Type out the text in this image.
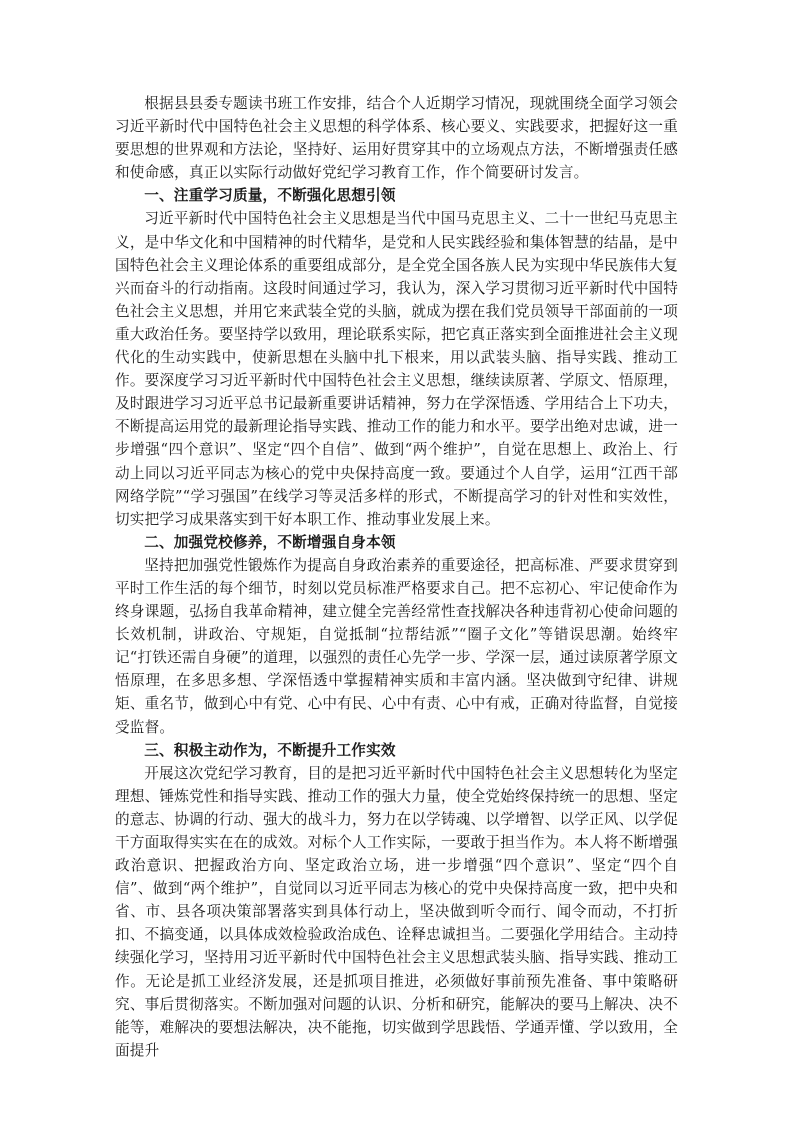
根据县县委专题读书班工作安排，结合个人近期学习情况，现就围绕全面学习领会习近平新时代中国特色社会主义思想的科学体系、核心要义、实践要求，把握好这一重要思想的世界观和方法论，坚持好、运用好贯穿其中的立场观点方法，不断增强责任感和使命感，真正以实际行动做好党纪学习教育工作，作个简要研讨发言。

一、注重学习质量，不断强化思想引领

习近平新时代中国特色社会主义思想是当代中国马克思主义、二十一世纪马克思主义，是中华文化和中国精神的时代精华，是党和人民实践经验和集体智慧的结晶，是中国特色社会主义理论体系的重要组成部分，是全党全国各族人民为实现中华民族伟大复兴而奋斗的行动指南。这段时间通过学习，我认为，深入学习贯彻习近平新时代中国特色社会主义思想，并用它来武装全党的头脑，就成为摆在我们党员领导干部面前的一项重大政治任务。要坚持学以致用，理论联系实际，把它真正落实到全面推进社会主义现代化的生动实践中，使新思想在头脑中扎下根来，用以武装头脑、指导实践、推动工作。要深度学习习近平新时代中国特色社会主义思想，继续读原著、学原文、悟原理，及时跟进学习习近平总书记最新重要讲话精神，努力在学深悟透、学用结合上下功夫，不断提高运用党的最新理论指导实践、推动工作的能力和水平。要学出绝对忠诚，进一步增强“四个意识”、坚定“四个自信”、做到“两个维护”，自觉在思想上、政治上、行动上同以习近平同志为核心的党中央保持高度一致。要通过个人自学，运用“江西干部网络学院”“学习强国”在线学习等灵活多样的形式，不断提高学习的针对性和实效性，切实把学习成果落实到干好本职工作、推动事业发展上来。

二、加强党校修养，不断增强自身本领

坚持把加强党性锻炼作为提高自身政治素养的重要途径，把高标准、严要求贯穿到平时工作生活的每个细节，时刻以党员标准严格要求自己。把不忘初心、牢记使命作为终身课题，弘扬自我革命精神，建立健全完善经常性查找解决各种违背初心使命问题的长效机制，讲政治、守规矩，自觉抵制“拉帮结派”“圈子文化”等错误思潮。始终牢记“打铁还需自身硬”的道理，以强烈的责任心先学一步、学深一层，通过读原著学原文悟原理，在多思多想、学深悟透中掌握精神实质和丰富内涵。坚决做到守纪律、讲规矩、重名节，做到心中有党、心中有民、心中有责、心中有戒，正确对待监督，自觉接受监督。

三、积极主动作为，不断提升工作实效

开展这次党纪学习教育，目的是把习近平新时代中国特色社会主义思想转化为坚定理想、锤炼党性和指导实践、推动工作的强大力量，使全党始终保持统一的思想、坚定的意志、协调的行动、强大的战斗力，努力在以学铸魂、以学增智、以学正风、以学促干方面取得实实在在的成效。对标个人工作实际，一要敢于担当作为。本人将不断增强政治意识、把握政治方向、坚定政治立场，进一步增强“四个意识”、坚定“四个自信”、做到“两个维护”，自觉同以习近平同志为核心的党中央保持高度一致，把中央和省、市、县各项决策部署落实到具体行动上，坚决做到听令而行、闻令而动，不打折扣、不搞变通，以具体成效检验政治成色、诠释忠诚担当。二要强化学用结合。主动持续强化学习，坚持用习近平新时代中国特色社会主义思想武装头脑、指导实践、推动工作。无论是抓工业经济发展，还是抓项目推进，必须做好事前预先准备、事中策略研究、事后贯彻落实。不断加强对问题的认识、分析和研究，能解决的要马上解决、决不能等，难解决的要想法解决，决不能拖，切实做到学思践悟、学通弄懂、学以致用，全面提升
